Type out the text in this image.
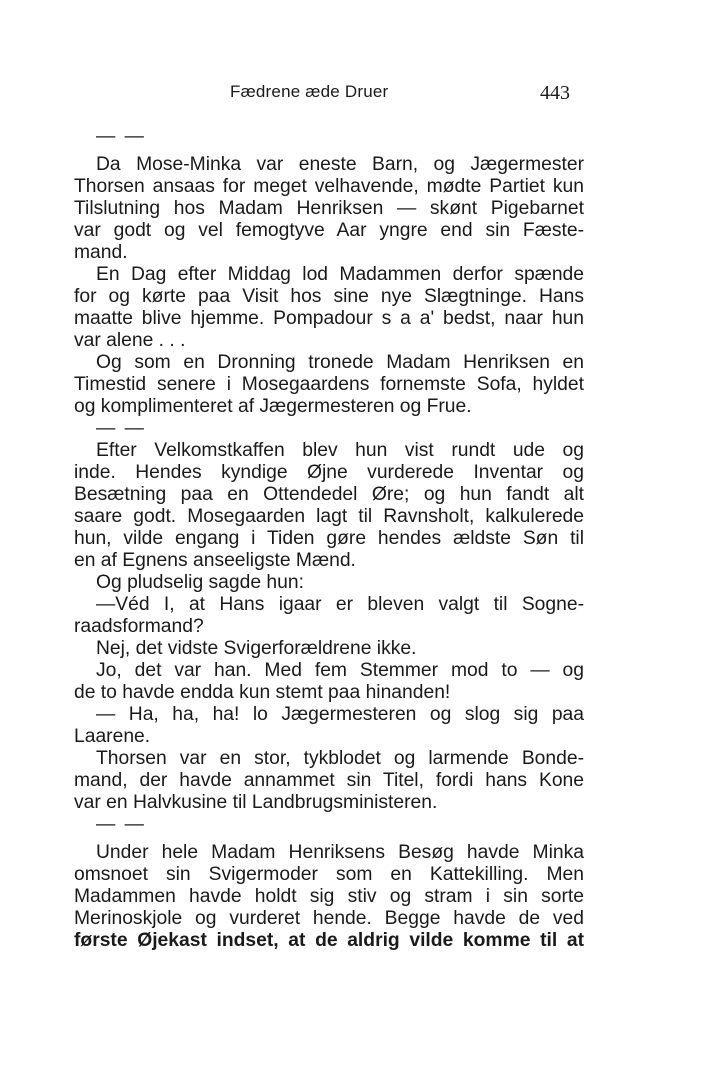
Fædrene æde Druer	443
— —
Da Mose-Minka var eneste Barn, og Jægermester
Thorsen ansaas for meget velhavende, mødte Partiet kun
Tilslutning hos Madam Henriksen — skønt Pigebarnet
var godt og vel femogtyve Aar yngre end sin Fæste-
mand.
En Dag efter Middag lod Madammen derfor spænde
for og kørte paa Visit hos sine nye Slægtninge. Hans
maatte blive hjemme. Pompadour s a a' bedst, naar hun
var alene . . .
Og som en Dronning tronede Madam Henriksen en
Timestid senere i Mosegaardens fornemste Sofa, hyldet
og komplimenteret af Jægermesteren og Frue.
— —
Efter Velkomstkaffen blev hun vist rundt ude og
inde. Hendes kyndige Øjne vurderede Inventar og
Besætning paa en Ottendedel Øre; og hun fandt alt
saare godt. Mosegaarden lagt til Ravnsholt, kalkulerede
hun, vilde engang i Tiden gøre hendes ældste Søn til
en af Egnens anseeligste Mænd.
Og pludselig sagde hun:
—Véd I, at Hans igaar er bleven valgt til Sogne-
raadsformand?
Nej, det vidste Svigerforældrene ikke.
Jo, det var han. Med fem Stemmer mod to — og
de to havde endda kun stemt paa hinanden!
— Ha, ha, ha! lo Jægermesteren og slog sig paa
Laarene.
Thorsen var en stor, tykblodet og larmende Bonde-
mand, der havde annammet sin Titel, fordi hans Kone
var en Halvkusine til Landbrugsministeren.
— —
Under hele Madam Henriksens Besøg havde Minka
omsnoet sin Svigermoder som en Kattekilling. Men
Madammen havde holdt sig stiv og stram i sin sorte
Merinoskjole og vurderet hende. Begge havde de ved
første Øjekast indset, at de aldrig vilde komme til at
